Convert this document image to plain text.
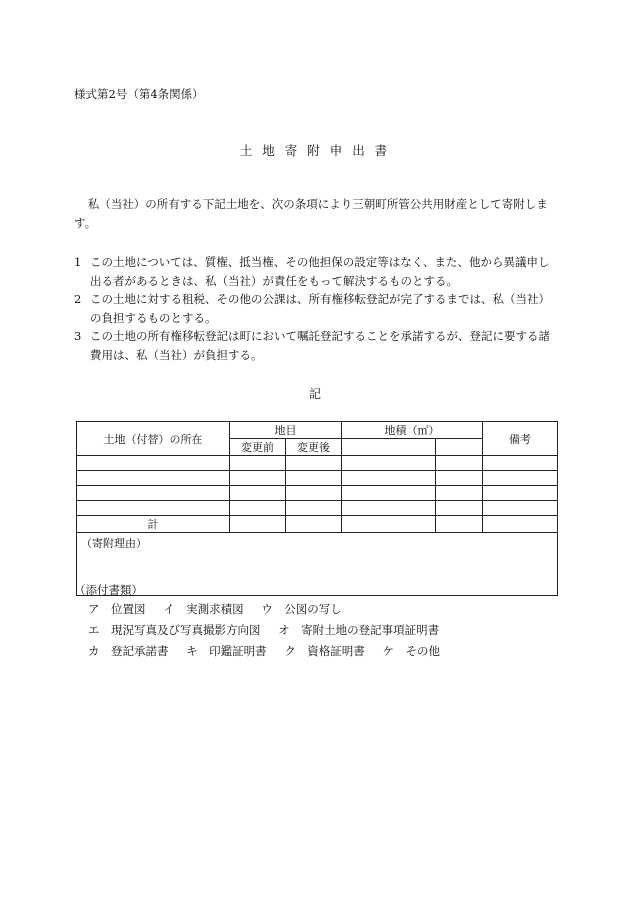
様式第2号（第4条関係）
土 地 寄 附 申 出 書
私（当社）の所有する下記土地を、次の条項により三朝町所管公共用財産として寄附します。
1 この土地については、質権、抵当権、その他担保の設定等はなく、また、他から異議申し出る者があるときは、私（当社）が責任をもって解決するものとする。
2 この土地に対する租税、その他の公課は、所有権移転登記が完了するまでは、私（当社）の負担するものとする。
3 この土地の所有権移転登記は町において嘱託登記することを承諾するが、登記に要する諸費用は、私（当社）が負担する。
記
土地（付替）の所在	地目		地積（㎡）		備考
	変更前	変更後			

計					
（寄附理由）					
（添付書類）
ア　位置図 イ　実測求積図 ウ　公図の写し
エ　現況写真及び写真撮影方向図 オ　寄附土地の登記事項証明書
カ　登記承諾書 キ　印鑑証明書 ク　資格証明書 ケ　その他
